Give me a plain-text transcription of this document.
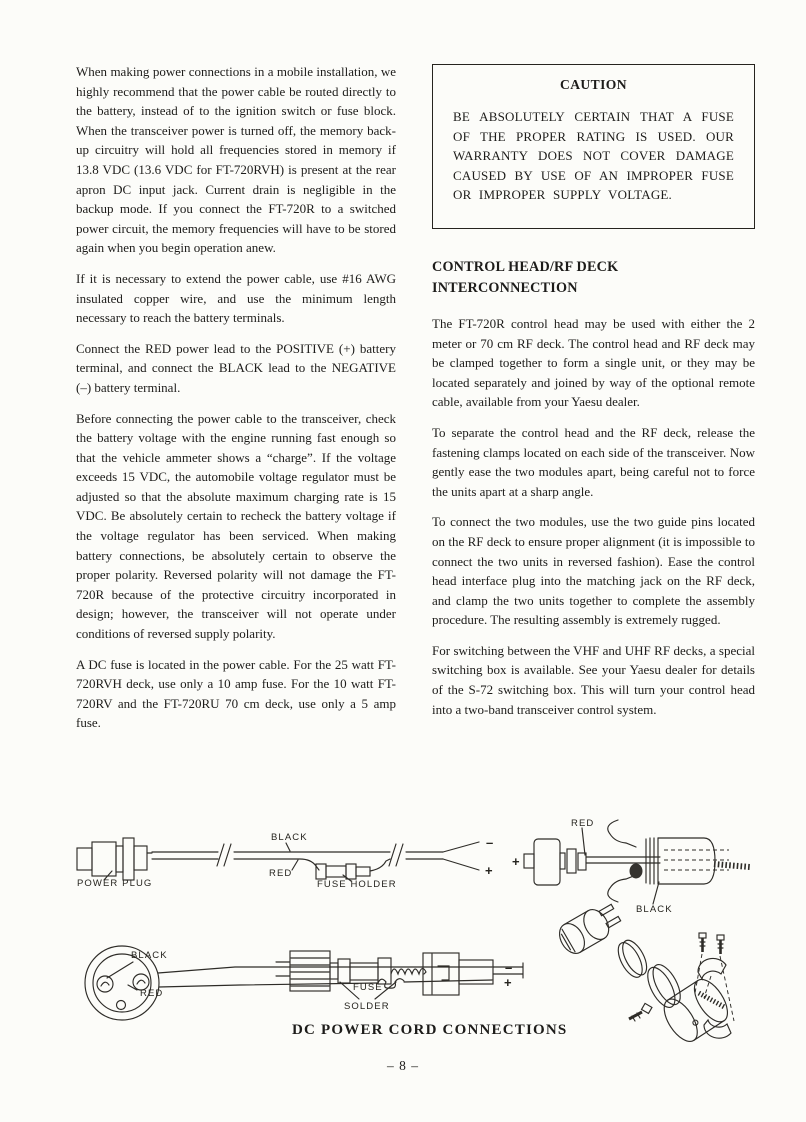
When making power connections in a mobile installation, we highly recommend that the power cable be routed directly to the battery, instead of to the ignition switch or fuse block. When the transceiver power is turned off, the memory back-up circuitry will hold all frequencies stored in memory if 13.8 VDC (13.6 VDC for FT-720RVH) is present at the rear apron DC input jack. Current drain is negligible in the backup mode. If you connect the FT-720R to a switched power circuit, the memory frequencies will have to be stored again when you begin operation anew.

If it is necessary to extend the power cable, use #16 AWG insulated copper wire, and use the minimum length necessary to reach the battery terminals.

Connect the RED power lead to the POSITIVE (+) battery terminal, and connect the BLACK lead to the NEGATIVE (–) battery terminal.

Before connecting the power cable to the transceiver, check the battery voltage with the engine running fast enough so that the vehicle ammeter shows a “charge”. If the voltage exceeds 15 VDC, the automobile voltage regulator must be adjusted so that the absolute maximum charging rate is 15 VDC. Be absolutely certain to recheck the battery voltage if the voltage regulator has been serviced. When making battery connections, be absolutely certain to observe the proper polarity. Reversed polarity will not damage the FT-720R because of the protective circuitry incorporated in design; however, the transceiver will not operate under conditions of reversed supply polarity.

A DC fuse is located in the power cable. For the 25 watt FT-720RVH deck, use only a 10 amp fuse. For the 10 watt FT-720RV and the FT-720RU 70 cm deck, use only a 5 amp fuse.

CAUTION

BE ABSOLUTELY CERTAIN THAT A FUSE OF THE PROPER RATING IS USED. OUR WARRANTY DOES NOT COVER DAMAGE CAUSED BY USE OF AN IMPROPER FUSE OR IMPROPER SUPPLY VOLTAGE.

CONTROL HEAD/RF DECK
INTERCONNECTION

The FT-720R control head may be used with either the 2 meter or 70 cm RF deck. The control head and RF deck may be clamped together to form a single unit, or they may be located separately and joined by way of the optional remote cable, available from your Yaesu dealer.

To separate the control head and the RF deck, release the fastening clamps located on each side of the transceiver. Now gently ease the two modules apart, being careful not to force the units apart at a sharp angle.

To connect the two modules, use the two guide pins located on the RF deck to ensure proper alignment (it is impossible to connect the two units in reversed fashion). Ease the control head interface plug into the matching jack on the RF deck, and clamp the two units together to complete the assembly procedure. The resulting assembly is extremely rugged.

For switching between the VHF and UHF RF decks, a special switching box is available. See your Yaesu dealer for details of the S-72 switching box. This will turn your control head into a two-band transceiver control system.

POWER PLUG
BLACK
RED
FUSE HOLDER
–
+
+
RED
BLACK
BLACK
RED
–
+
FUSE
SOLDER
DC POWER CORD CONNECTIONS
– 8 –
